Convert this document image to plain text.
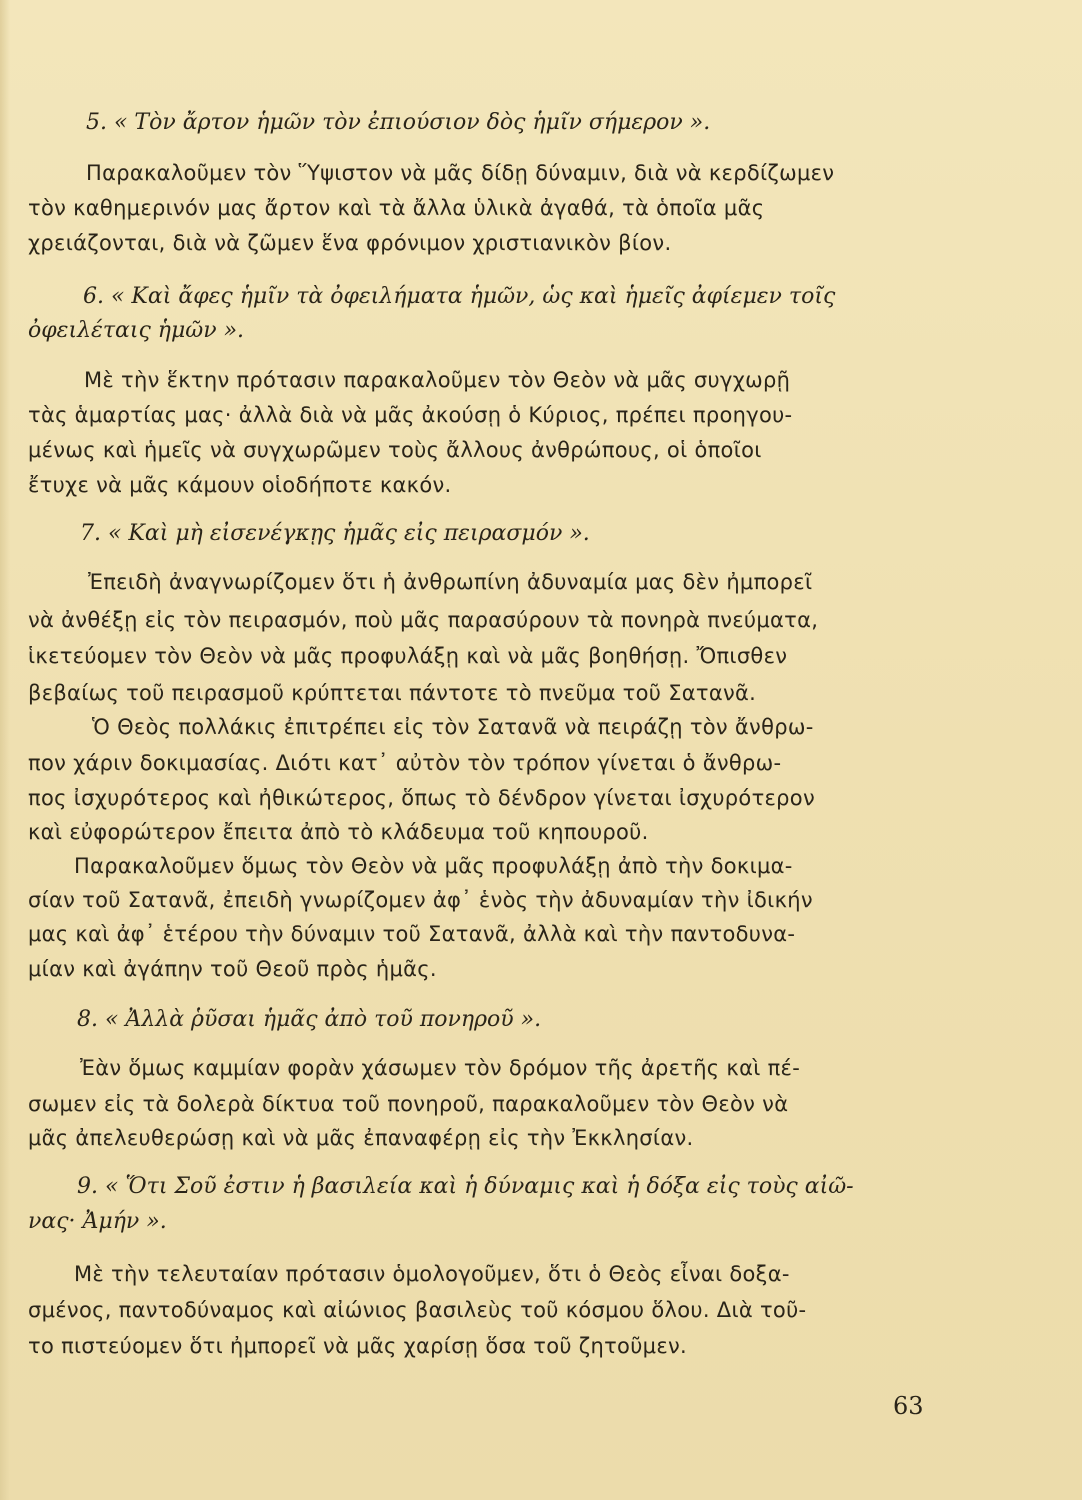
5. « Τὸν ἄρτον ἡμῶν τὸν ἐπιούσιον δὸς ἡμῖν σήμερον ».

Παρακαλοῦμεν τὸν Ὕψιστον νὰ μᾶς δίδῃ δύναμιν, διὰ νὰ κερδίζωμεν

τὸν καθημερινόν μας ἄρτον καὶ τὰ ἄλλα ὑλικὰ ἀγαθά, τὰ ὁποῖα μᾶς

χρειάζονται, διὰ νὰ ζῶμεν ἕνα φρόνιμον χριστιανικὸν βίον.

6. « Καὶ ἄφες ἡμῖν τὰ ὀφειλήματα ἡμῶν, ὡς καὶ ἡμεῖς ἀφίεμεν τοῖς

ὀφειλέταις ἡμῶν ».

Μὲ τὴν ἕκτην πρότασιν παρακαλοῦμεν τὸν Θεὸν νὰ μᾶς συγχωρῇ

τὰς ἁμαρτίας μας· ἀλλὰ διὰ νὰ μᾶς ἀκούσῃ ὁ Κύριος, πρέπει προηγου-

μένως καὶ ἡμεῖς νὰ συγχωρῶμεν τοὺς ἄλλους ἀνθρώπους, οἱ ὁποῖοι

ἔτυχε νὰ μᾶς κάμουν οἱοδήποτε κακόν.

7. « Καὶ μὴ εἰσενέγκῃς ἡμᾶς εἰς πειρασμόν ».

Ἐπειδὴ ἀναγνωρίζομεν ὅτι ἡ ἀνθρωπίνη ἀδυναμία μας δὲν ἠμπορεῖ

νὰ ἀνθέξῃ εἰς τὸν πειρασμόν, ποὺ μᾶς παρασύρουν τὰ πονηρὰ πνεύματα,

ἱκετεύομεν τὸν Θεὸν νὰ μᾶς προφυλάξῃ καὶ νὰ μᾶς βοηθήσῃ. Ὄπισθεν

βεβαίως τοῦ πειρασμοῦ κρύπτεται πάντοτε τὸ πνεῦμα τοῦ Σατανᾶ.

Ὁ Θεὸς πολλάκις ἐπιτρέπει εἰς τὸν Σατανᾶ νὰ πειράζῃ τὸν ἄνθρω-

πον χάριν δοκιμασίας. Διότι κατ᾽ αὐτὸν τὸν τρόπον γίνεται ὁ ἄνθρω-

πος ἰσχυρότερος καὶ ἠθικώτερος, ὅπως τὸ δένδρον γίνεται ἰσχυρότερον

καὶ εὐφορώτερον ἔπειτα ἀπὸ τὸ κλάδευμα τοῦ κηπουροῦ.

Παρακαλοῦμεν ὅμως τὸν Θεὸν νὰ μᾶς προφυλάξῃ ἀπὸ τὴν δοκιμα-

σίαν τοῦ Σατανᾶ, ἐπειδὴ γνωρίζομεν ἀφ᾽ ἑνὸς τὴν ἀδυναμίαν τὴν ἰδικήν

μας καὶ ἀφ᾽ ἑτέρου τὴν δύναμιν τοῦ Σατανᾶ, ἀλλὰ καὶ τὴν παντοδυνα-

μίαν καὶ ἀγάπην τοῦ Θεοῦ πρὸς ἡμᾶς.

8. « Ἀλλὰ ῥῦσαι ἡμᾶς ἀπὸ τοῦ πονηροῦ ».

Ἐὰν ὅμως καμμίαν φορὰν χάσωμεν τὸν δρόμον τῆς ἀρετῆς καὶ πέ-

σωμεν εἰς τὰ δολερὰ δίκτυα τοῦ πονηροῦ, παρακαλοῦμεν τὸν Θεὸν νὰ

μᾶς ἀπελευθερώσῃ καὶ νὰ μᾶς ἐπαναφέρῃ εἰς τὴν Ἐκκλησίαν.

9. « Ὅτι Σοῦ ἐστιν ἡ βασιλεία καὶ ἡ δύναμις καὶ ἡ δόξα εἰς τοὺς αἰῶ-

νας· Ἀμήν ».

Μὲ τὴν τελευταίαν πρότασιν ὁμολογοῦμεν, ὅτι ὁ Θεὸς εἶναι δοξα-

σμένος, παντοδύναμος καὶ αἰώνιος βασιλεὺς τοῦ κόσμου ὅλου. Διὰ τοῦ-

το πιστεύομεν ὅτι ἠμπορεῖ νὰ μᾶς χαρίσῃ ὅσα τοῦ ζητοῦμεν.

63
